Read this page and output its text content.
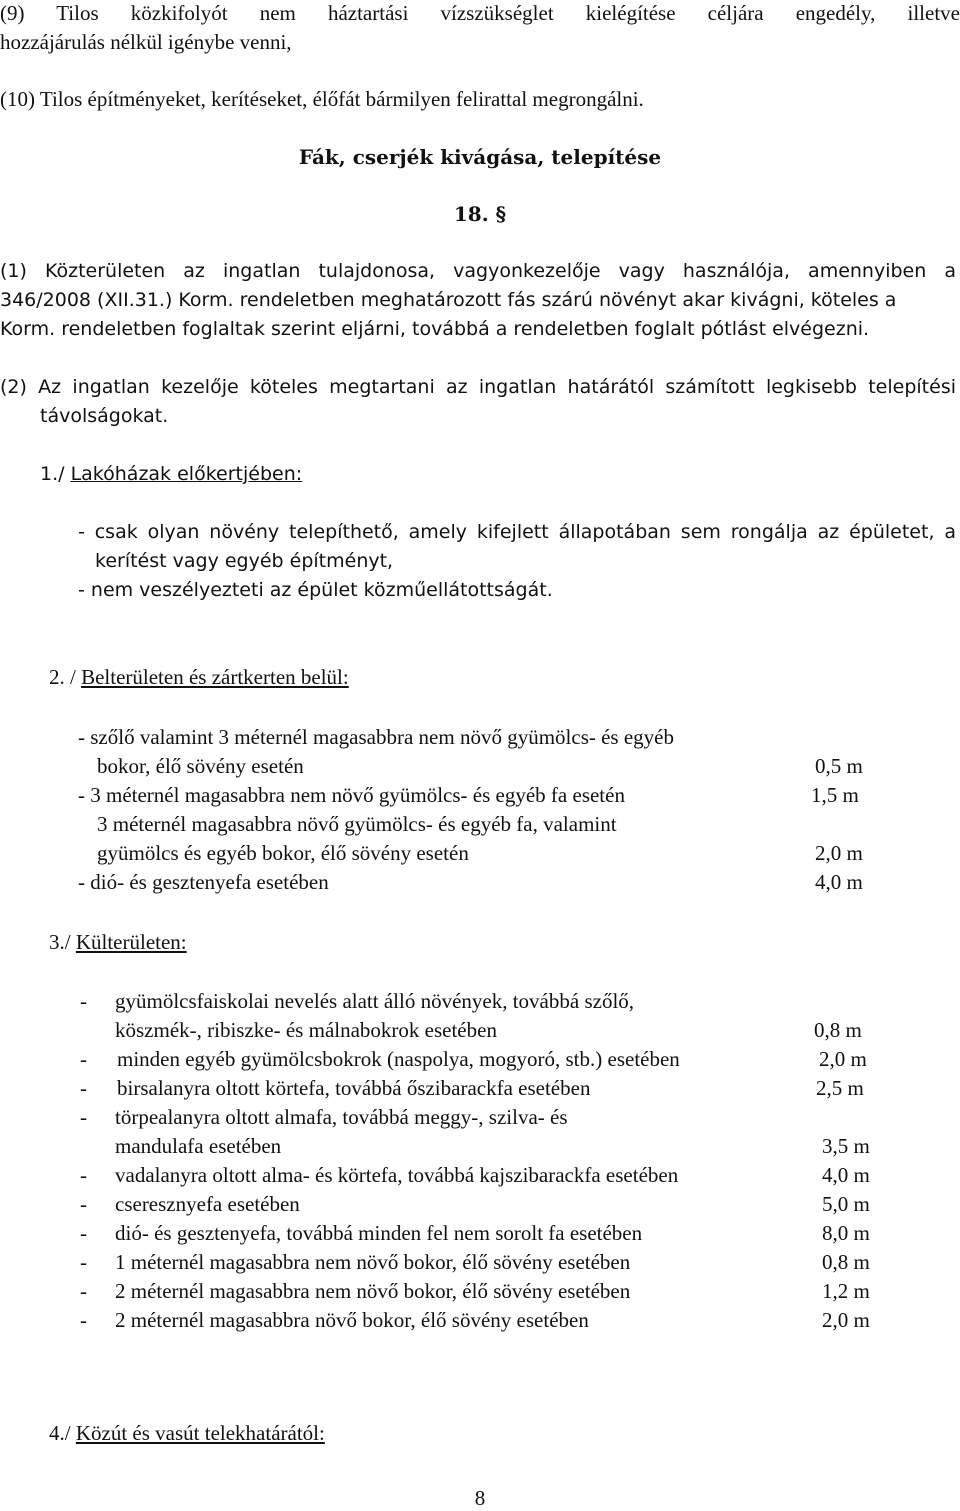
(9) Tilos közkifolyót nem háztartási vízszükséglet kielégítése céljára engedély, illetve
hozzájárulás nélkül igénybe venni,
(10) Tilos építményeket, kerítéseket, élőfát bármilyen felirattal megrongálni.
Fák, cserjék kivágása, telepítése
18. §
(1) Közterületen az ingatlan tulajdonosa, vagyonkezelője vagy használója, amennyiben a
346/2008 (XII.31.) Korm. rendeletben meghatározott fás szárú növényt akar kivágni, köteles a
Korm. rendeletben foglaltak szerint eljárni, továbbá a rendeletben foglalt pótlást elvégezni.
(2) Az ingatlan kezelője köteles megtartani az ingatlan határától számított legkisebb telepítési
távolságokat.
1./ Lakóházak előkertjében:
- csak olyan növény telepíthető, amely kifejlett állapotában sem rongálja az épületet, a
kerítést vagy egyéb építményt,
- nem veszélyezteti az épület közműellátottságát.
2. / Belterületen és zártkerten belül:
- szőlő valamint 3 méternél magasabbra nem növő gyümölcs- és egyéb
bokor, élő sövény esetén	0,5 m
- 3 méternél magasabbra nem növő gyümölcs- és egyéb fa esetén	1,5 m
3 méternél magasabbra növő gyümölcs- és egyéb fa, valamint
gyümölcs és egyéb bokor, élő sövény esetén	2,0 m
- dió- és gesztenyefa esetében	4,0 m
3./ Külterületen:
- gyümölcsfaiskolai nevelés alatt álló növények, továbbá szőlő,
köszmék-, ribiszke- és málnabokrok esetében	0,8 m
- minden egyéb gyümölcsbokrok (naspolya, mogyoró, stb.) esetében	2,0 m
- birsalanyra oltott körtefa, továbbá őszibarackfa esetében	2,5 m
- törpealanyra oltott almafa, továbbá meggy-, szilva- és
mandulafa esetében	3,5 m
- vadalanyra oltott alma- és körtefa, továbbá kajszibarackfa esetében	4,0 m
- cseresznyefa esetében	5,0 m
- dió- és gesztenyefa, továbbá minden fel nem sorolt fa esetében	8,0 m
- 1 méternél magasabbra nem növő bokor, élő sövény esetében	0,8 m
- 2 méternél magasabbra nem növő bokor, élő sövény esetében	1,2 m
- 2 méternél magasabbra növő bokor, élő sövény esetében	2,0 m
4./ Közút és vasút telekhatárától:
8
